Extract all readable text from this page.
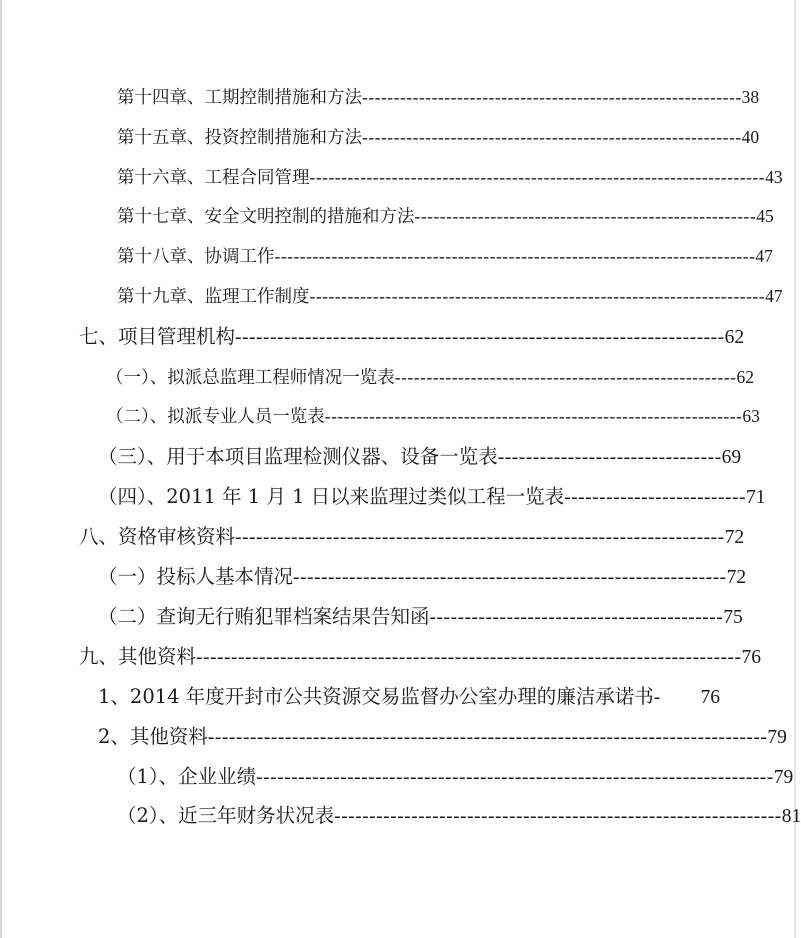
第十四章、工期控制措施和方法 ------------------------------------------------------------ 38
第十五章、投资控制措施和方法 ------------------------------------------------------------ 40
第十六章、工程合同管理 ------------------------------------------------------------------------ 43
第十七章、安全文明控制的措施和方法 ------------------------------------------------------ 45
第十八章、协调工作 ---------------------------------------------------------------------------- 47
第十九章、监理工作制度 ------------------------------------------------------------------------ 47
七、项目管理机构 ---------------------------------------------------------------------- 62
（一）、拟派总监理工程师情况一览表 ------------------------------------------------------ 62
（二）、拟派专业人员一览表 ------------------------------------------------------------------ 63
（三）、用于本项目监理检测仪器、设备一览表 -------------------------------- 69
（四）、2011 年 1 月 1 日以来监理过类似工程一览表 -------------------------- 71
八、资格审核资料 ---------------------------------------------------------------------- 72
（一）投标人基本情况 -------------------------------------------------------------- 72
（二）查询无行贿犯罪档案结果告知函 ------------------------------------------ 75
九、其他资料 ------------------------------------------------------------------------------ 76
1、2014 年度开封市公共资源交易监督办公室办理的廉洁承诺书 -	76
2、其他资料 -------------------------------------------------------------------------------- 79
（1）、企业业绩 -------------------------------------------------------------------------- 79
（2）、近三年财务状况表 ---------------------------------------------------------------- 81
